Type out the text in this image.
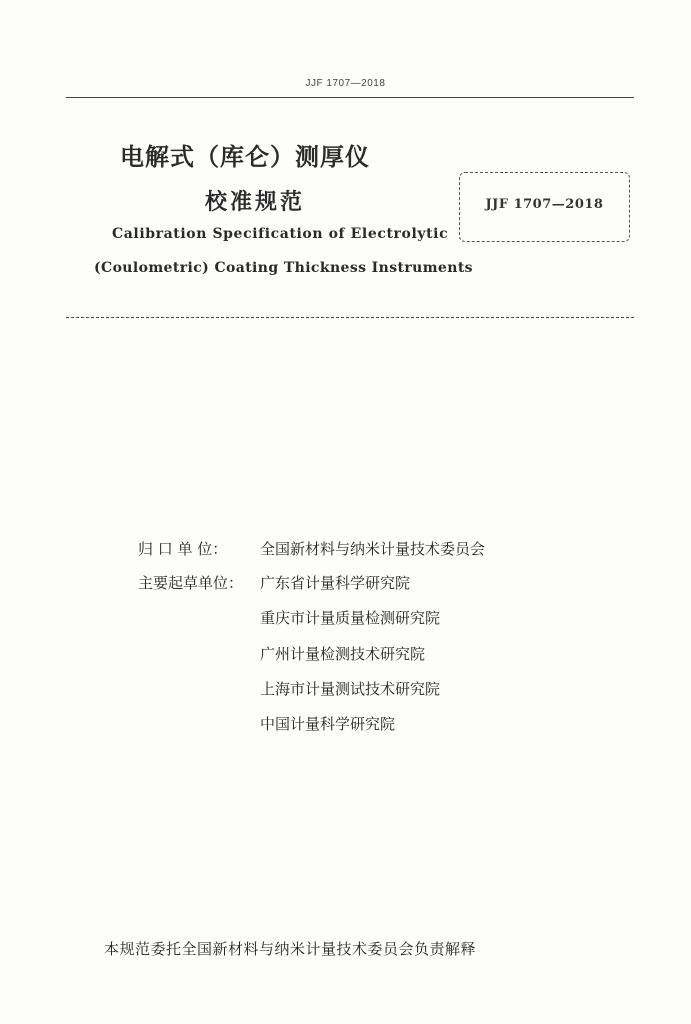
JJF 1707—2018
电解式（库仑）测厚仪
校准规范
Calibration Specification of Electrolytic
(Coulometric) Coating Thickness Instruments
JJF 1707—2018
归 口 单 位： 全国新材料与纳米计量技术委员会
主要起草单位： 广东省计量科学研究院
重庆市计量质量检测研究院
广州计量检测技术研究院
上海市计量测试技术研究院
中国计量科学研究院
本规范委托全国新材料与纳米计量技术委员会负责解释
